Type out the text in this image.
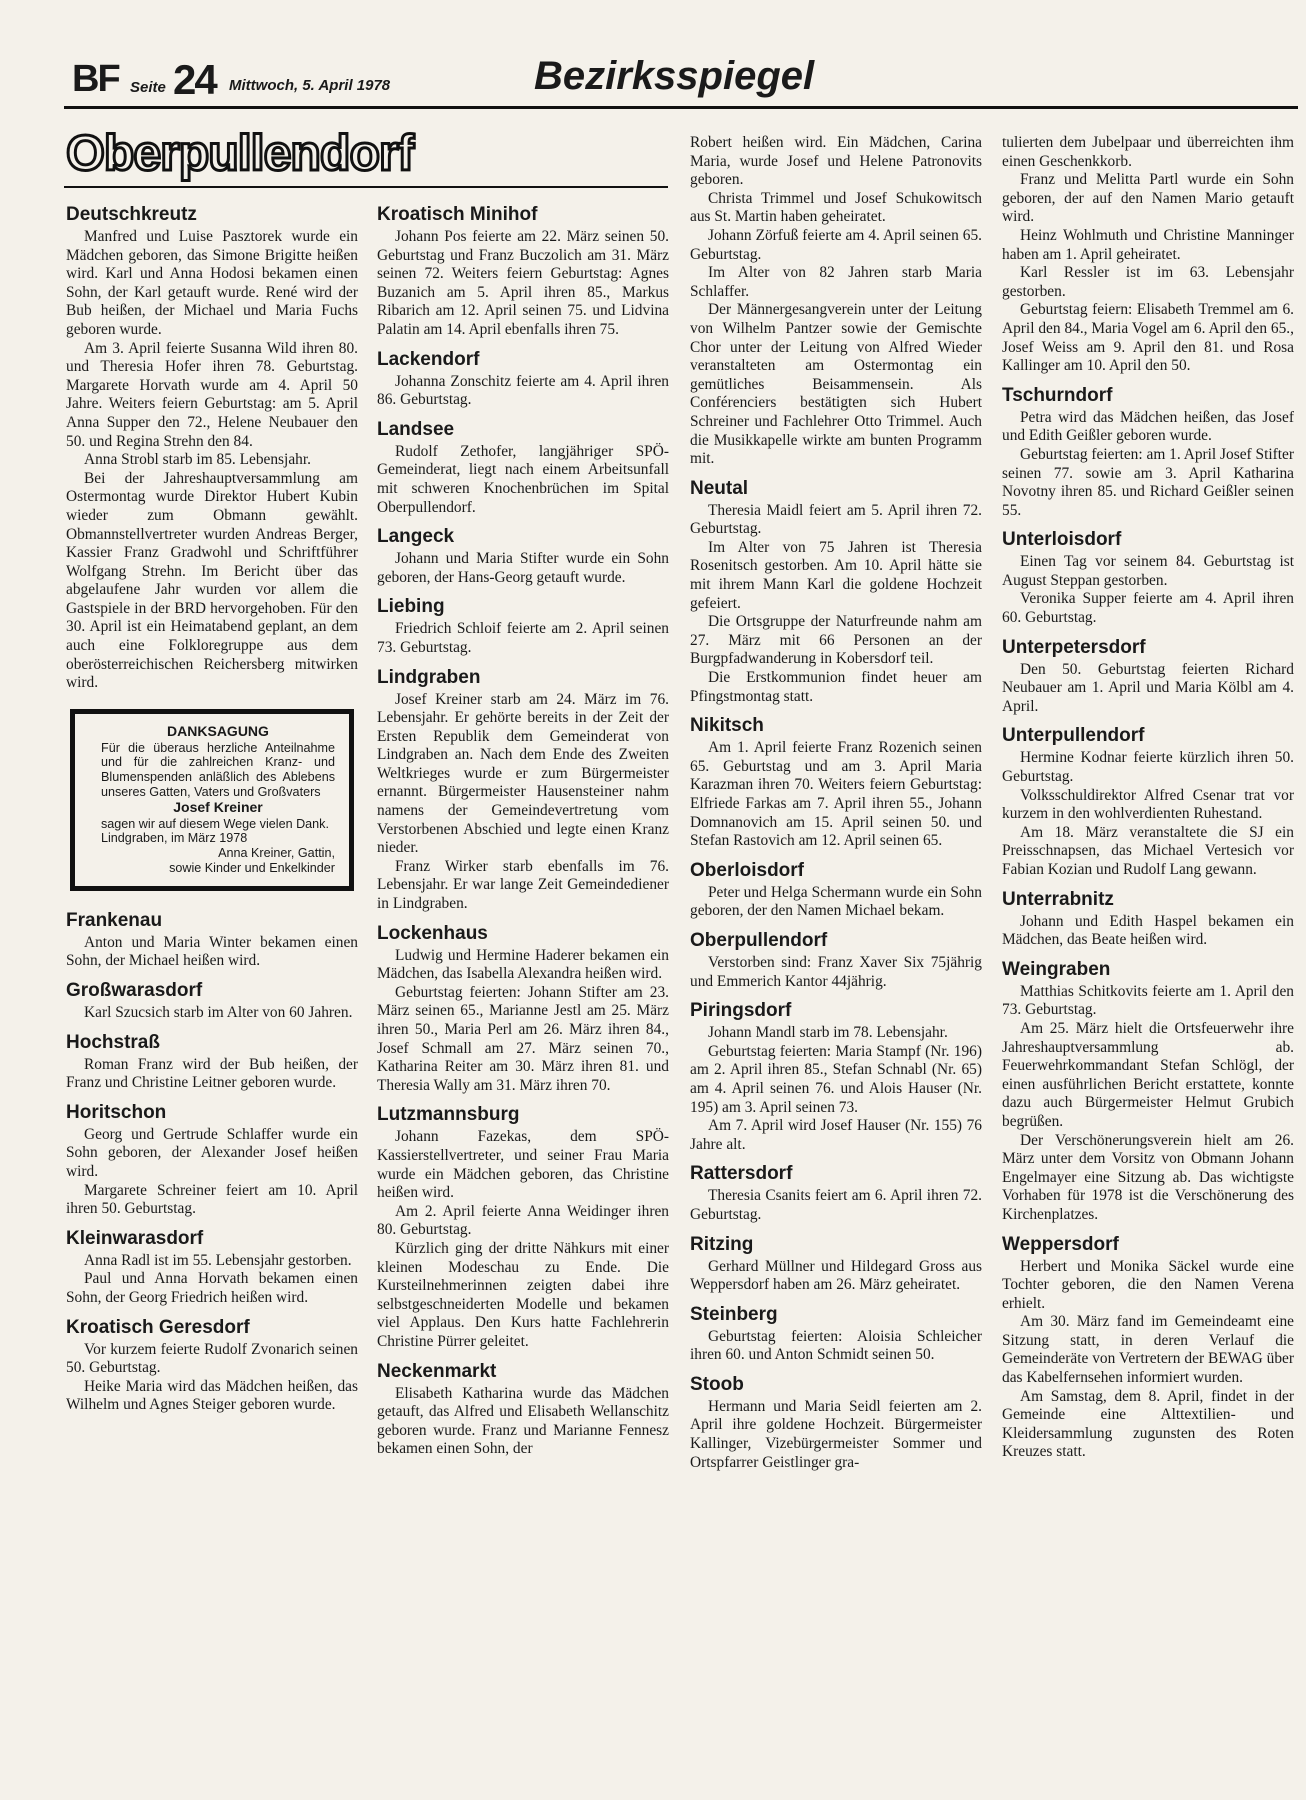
BF Seite 24 Mittwoch, 5. April 1978	Bezirksspiegel
Oberpullendorf
Deutschkreutz

Manfred und Luise Pasztorek wurde ein Mädchen geboren, das Simone Brigitte heißen wird. Karl und Anna Hodosi bekamen einen Sohn, der Karl getauft wurde. René wird der Bub heißen, der Michael und Maria Fuchs geboren wurde.

Am 3. April feierte Susanna Wild ihren 80. und Theresia Hofer ihren 78. Geburtstag. Margarete Horvath wurde am 4. April 50 Jahre. Weiters feiern Geburtstag: am 5. April Anna Supper den 72., Helene Neubauer den 50. und Regina Strehn den 84.

Anna Strobl starb im 85. Lebensjahr.

Bei der Jahreshauptversammlung am Ostermontag wurde Direktor Hubert Kubin wieder zum Obmann gewählt. Obmannstellvertreter wurden Andreas Berger, Kassier Franz Gradwohl und Schriftführer Wolfgang Strehn. Im Bericht über das abgelaufene Jahr wurden vor allem die Gastspiele in der BRD hervorgehoben. Für den 30. April ist ein Heimatabend geplant, an dem auch eine Folkloregruppe aus dem oberösterreichischen Reichersberg mitwirken wird.

DANKSAGUNG
Für die überaus herzliche Anteilnahme und für die zahlreichen Kranz- und Blumenspenden anläßlich des Ablebens unseres Gatten, Vaters und Großvaters
Josef Kreiner
sagen wir auf diesem Wege vielen Dank.
Lindgraben, im März 1978
Anna Kreiner, Gattin,
sowie Kinder und Enkelkinder
Frankenau

Anton und Maria Winter bekamen einen Sohn, der Michael heißen wird.

Großwarasdorf

Karl Szucsich starb im Alter von 60 Jahren.

Hochstraß

Roman Franz wird der Bub heißen, der Franz und Christine Leitner geboren wurde.

Horitschon

Georg und Gertrude Schlaffer wurde ein Sohn geboren, der Alexander Josef heißen wird.

Margarete Schreiner feiert am 10. April ihren 50. Geburtstag.

Kleinwarasdorf

Anna Radl ist im 55. Lebensjahr gestorben.

Paul und Anna Horvath bekamen einen Sohn, der Georg Friedrich heißen wird.

Kroatisch Geresdorf

Vor kurzem feierte Rudolf Zvonarich seinen 50. Geburtstag.

Heike Maria wird das Mädchen heißen, das Wilhelm und Agnes Steiger geboren wurde.

Kroatisch Minihof

Johann Pos feierte am 22. März seinen 50. Geburtstag und Franz Buczolich am 31. März seinen 72. Weiters feiern Geburtstag: Agnes Buzanich am 5. April ihren 85., Markus Ribarich am 12. April seinen 75. und Lidvina Palatin am 14. April ebenfalls ihren 75.

Lackendorf

Johanna Zonschitz feierte am 4. April ihren 86. Geburtstag.

Landsee

Rudolf Zethofer, langjähriger SPÖ-Gemeinderat, liegt nach einem Arbeitsunfall mit schweren Knochenbrüchen im Spital Oberpullendorf.

Langeck

Johann und Maria Stifter wurde ein Sohn geboren, der Hans-Georg getauft wurde.

Liebing

Friedrich Schloif feierte am 2. April seinen 73. Geburtstag.

Lindgraben

Josef Kreiner starb am 24. März im 76. Lebensjahr. Er gehörte bereits in der Zeit der Ersten Republik dem Gemeinderat von Lindgraben an. Nach dem Ende des Zweiten Weltkrieges wurde er zum Bürgermeister ernannt. Bürgermeister Hausensteiner nahm namens der Gemeindevertretung vom Verstorbenen Abschied und legte einen Kranz nieder.

Franz Wirker starb ebenfalls im 76. Lebensjahr. Er war lange Zeit Gemeindediener in Lindgraben.

Lockenhaus

Ludwig und Hermine Haderer bekamen ein Mädchen, das Isabella Alexandra heißen wird.

Geburtstag feierten: Johann Stifter am 23. März seinen 65., Marianne Jestl am 25. März ihren 50., Maria Perl am 26. März ihren 84., Josef Schmall am 27. März seinen 70., Katharina Reiter am 30. März ihren 81. und Theresia Wally am 31. März ihren 70.

Lutzmannsburg

Johann Fazekas, dem SPÖ-Kassierstellvertreter, und seiner Frau Maria wurde ein Mädchen geboren, das Christine heißen wird.

Am 2. April feierte Anna Weidinger ihren 80. Geburtstag.

Kürzlich ging der dritte Nähkurs mit einer kleinen Modeschau zu Ende. Die Kursteilnehmerinnen zeigten dabei ihre selbstgeschneiderten Modelle und bekamen viel Applaus. Den Kurs hatte Fachlehrerin Christine Pürrer geleitet.

Neckenmarkt

Elisabeth Katharina wurde das Mädchen getauft, das Alfred und Elisabeth Wellanschitz geboren wurde. Franz und Marianne Fennesz bekamen einen Sohn, der

Robert heißen wird. Ein Mädchen, Carina Maria, wurde Josef und Helene Patronovits geboren.

Christa Trimmel und Josef Schukowitsch aus St. Martin haben geheiratet.

Johann Zörfuß feierte am 4. April seinen 65. Geburtstag.

Im Alter von 82 Jahren starb Maria Schlaffer.

Der Männergesangverein unter der Leitung von Wilhelm Pantzer sowie der Gemischte Chor unter der Leitung von Alfred Wieder veranstalteten am Ostermontag ein gemütliches Beisammensein. Als Conférenciers bestätigten sich Hubert Schreiner und Fachlehrer Otto Trimmel. Auch die Musikkapelle wirkte am bunten Programm mit.

Neutal

Theresia Maidl feiert am 5. April ihren 72. Geburtstag.

Im Alter von 75 Jahren ist Theresia Rosenitsch gestorben. Am 10. April hätte sie mit ihrem Mann Karl die goldene Hochzeit gefeiert.

Die Ortsgruppe der Naturfreunde nahm am 27. März mit 66 Personen an der Burgpfadwanderung in Kobersdorf teil.

Die Erstkommunion findet heuer am Pfingstmontag statt.

Nikitsch

Am 1. April feierte Franz Rozenich seinen 65. Geburtstag und am 3. April Maria Karazman ihren 70. Weiters feiern Geburtstag: Elfriede Farkas am 7. April ihren 55., Johann Domnanovich am 15. April seinen 50. und Stefan Rastovich am 12. April seinen 65.

Oberloisdorf

Peter und Helga Schermann wurde ein Sohn geboren, der den Namen Michael bekam.

Oberpullendorf

Verstorben sind: Franz Xaver Six 75jährig und Emmerich Kantor 44jährig.

Piringsdorf

Johann Mandl starb im 78. Lebensjahr.

Geburtstag feierten: Maria Stampf (Nr. 196) am 2. April ihren 85., Stefan Schnabl (Nr. 65) am 4. April seinen 76. und Alois Hauser (Nr. 195) am 3. April seinen 73.

Am 7. April wird Josef Hauser (Nr. 155) 76 Jahre alt.

Rattersdorf

Theresia Csanits feiert am 6. April ihren 72. Geburtstag.

Ritzing

Gerhard Müllner und Hildegard Gross aus Weppersdorf haben am 26. März geheiratet.

Steinberg

Geburtstag feierten: Aloisia Schleicher ihren 60. und Anton Schmidt seinen 50.

Stoob

Hermann und Maria Seidl feierten am 2. April ihre goldene Hochzeit. Bürgermeister Kallinger, Vizebürgermeister Sommer und Ortspfarrer Geistlinger gra-

tulierten dem Jubelpaar und überreichten ihm einen Geschenkkorb.

Franz und Melitta Partl wurde ein Sohn geboren, der auf den Namen Mario getauft wird.

Heinz Wohlmuth und Christine Manninger haben am 1. April geheiratet.

Karl Ressler ist im 63. Lebensjahr gestorben.

Geburtstag feiern: Elisabeth Tremmel am 6. April den 84., Maria Vogel am 6. April den 65., Josef Weiss am 9. April den 81. und Rosa Kallinger am 10. April den 50.

Tschurndorf

Petra wird das Mädchen heißen, das Josef und Edith Geißler geboren wurde.

Geburtstag feierten: am 1. April Josef Stifter seinen 77. sowie am 3. April Katharina Novotny ihren 85. und Richard Geißler seinen 55.

Unterloisdorf

Einen Tag vor seinem 84. Geburtstag ist August Steppan gestorben.

Veronika Supper feierte am 4. April ihren 60. Geburtstag.

Unterpetersdorf

Den 50. Geburtstag feierten Richard Neubauer am 1. April und Maria Kölbl am 4. April.

Unterpullendorf

Hermine Kodnar feierte kürzlich ihren 50. Geburtstag.

Volksschuldirektor Alfred Csenar trat vor kurzem in den wohlverdienten Ruhestand.

Am 18. März veranstaltete die SJ ein Preisschnapsen, das Michael Vertesich vor Fabian Kozian und Rudolf Lang gewann.

Unterrabnitz

Johann und Edith Haspel bekamen ein Mädchen, das Beate heißen wird.

Weingraben

Matthias Schitkovits feierte am 1. April den 73. Geburtstag.

Am 25. März hielt die Ortsfeuerwehr ihre Jahreshauptversammlung ab. Feuerwehrkommandant Stefan Schlögl, der einen ausführlichen Bericht erstattete, konnte dazu auch Bürgermeister Helmut Grubich begrüßen.

Der Verschönerungsverein hielt am 26. März unter dem Vorsitz von Obmann Johann Engelmayer eine Sitzung ab. Das wichtigste Vorhaben für 1978 ist die Verschönerung des Kirchenplatzes.

Weppersdorf

Herbert und Monika Säckel wurde eine Tochter geboren, die den Namen Verena erhielt.

Am 30. März fand im Gemeindeamt eine Sitzung statt, in deren Verlauf die Gemeinderäte von Vertretern der BEWAG über das Kabelfernsehen informiert wurden.

Am Samstag, dem 8. April, findet in der Gemeinde eine Alttextilien- und Kleidersammlung zugunsten des Roten Kreuzes statt.
